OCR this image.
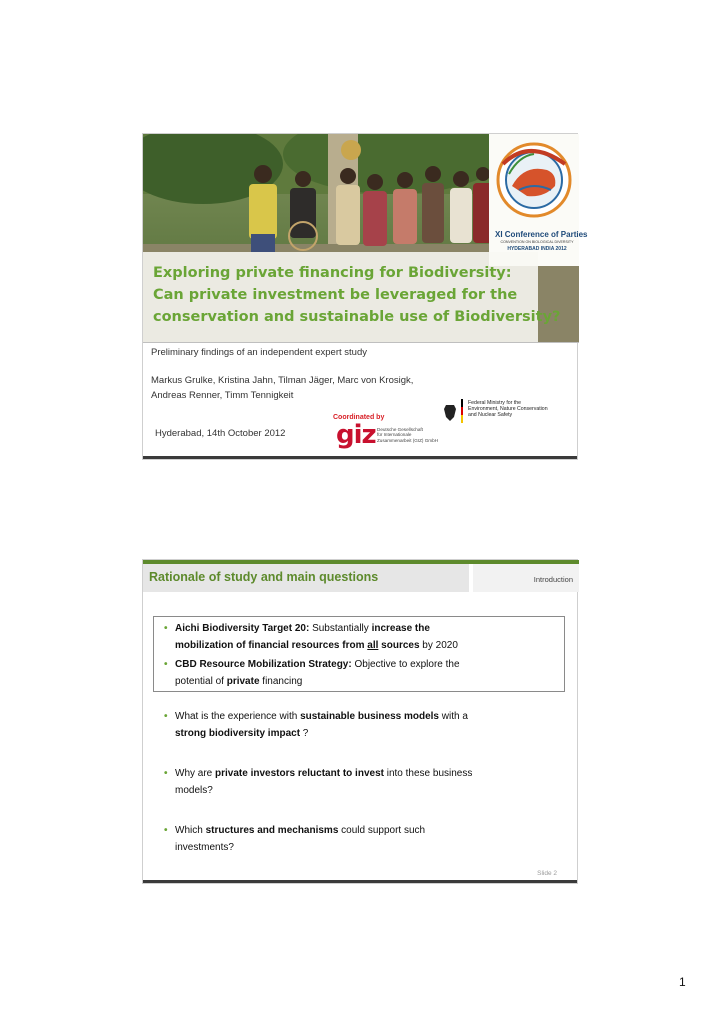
XI Conference of Parties
CONVENTION ON BIOLOGICAL DIVERSITY
HYDERABAD INDIA 2012
Exploring private financing for Biodiversity:
Can private investment be leveraged for the
conservation and sustainable use of Biodiversity?
Preliminary findings of an independent expert study
Markus Grulke, Kristina Jahn, Tilman Jäger, Marc von Krosigk,
Andreas Renner, Timm Tennigkeit
Federal Ministry for the
Environment, Nature Conservation
and Nuclear Safety
Coordinated by
giz Deutsche Gesellschaft
für Internationale
Zusammenarbeit (GIZ) GmbH
Hyderabad, 14th October 2012
Rationale of study and main questions	Introduction
• Aichi Biodiversity Target 20: Substantially increase the
mobilization of financial resources from all sources by 2020
• CBD Resource Mobilization Strategy: Objective to explore the
potential of private financing
• What is the experience with sustainable business models with a
strong biodiversity impact ?
• Why are private investors reluctant to invest into these business
models?
• Which structures and mechanisms could support such
investments?
Slide 2
1
